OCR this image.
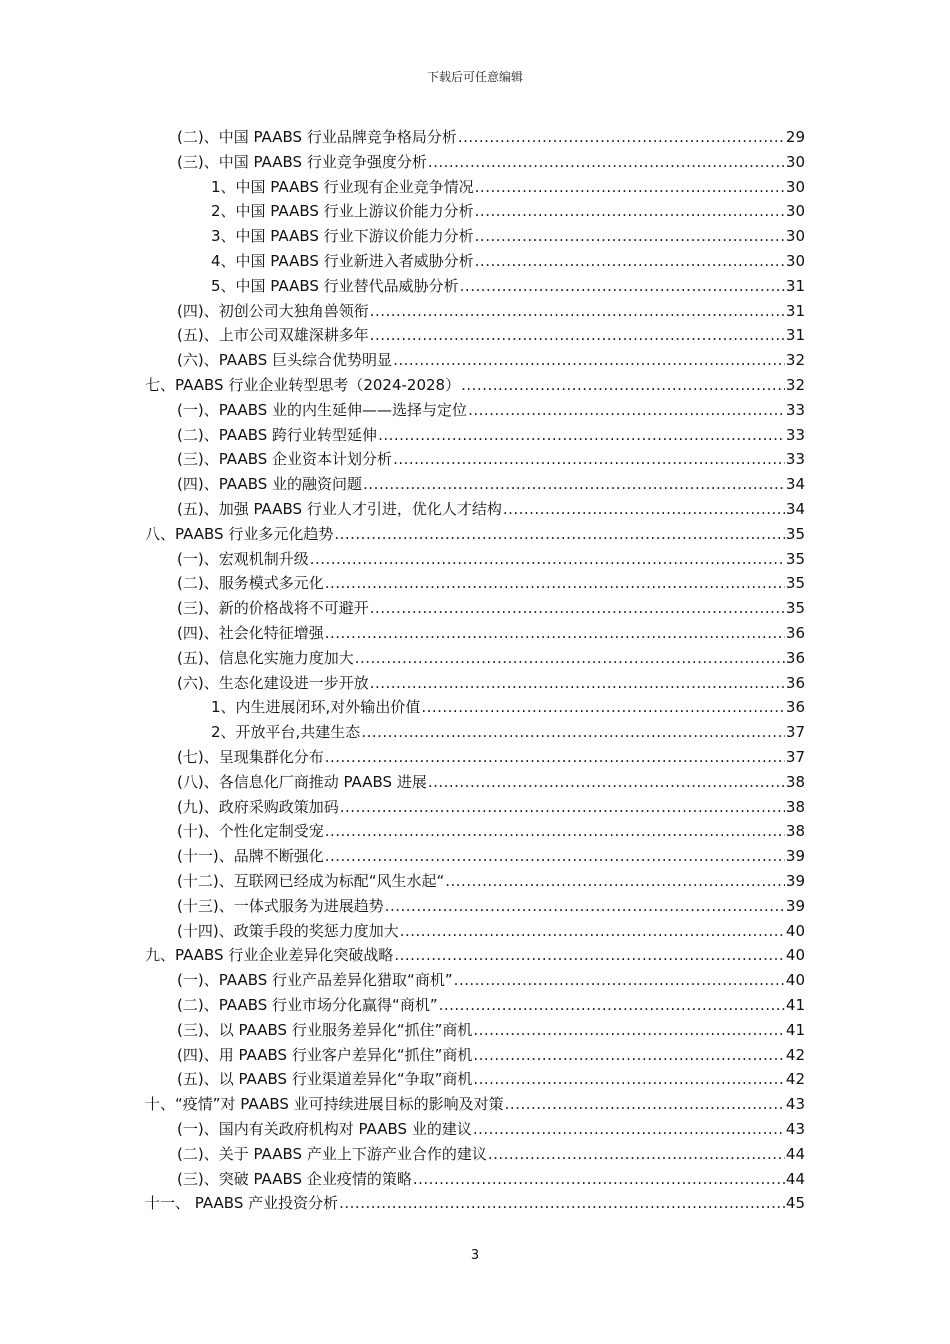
下载后可任意编辑
(二)、中国 PAABS 行业品牌竞争格局分析 .....	29
(三)、中国 PAABS 行业竞争强度分析 .....	30
1、中国 PAABS 行业现有企业竞争情况 .....	30
2、中国 PAABS 行业上游议价能力分析 .....	30
3、中国 PAABS 行业下游议价能力分析 .....	30
4、中国 PAABS 行业新进入者威胁分析 .....	30
5、中国 PAABS 行业替代品威胁分析 .....	31
(四)、初创公司大独角兽领衔 .....	31
(五)、上市公司双雄深耕多年 .....	31
(六)、PAABS 巨头综合优势明显 .....	32
七、PAABS 行业企业转型思考（2024-2028） .....	32
(一)、PAABS 业的内生延伸——选择与定位 .....	33
(二)、PAABS 跨行业转型延伸 .....	33
(三)、PAABS 企业资本计划分析 .....	33
(四)、PAABS 业的融资问题 .....	34
(五)、加强 PAABS 行业人才引进，优化人才结构 .....	34
八、PAABS 行业多元化趋势 .....	35
(一)、宏观机制升级 .....	35
(二)、服务模式多元化 .....	35
(三)、新的价格战将不可避开 .....	35
(四)、社会化特征增强 .....	36
(五)、信息化实施力度加大 .....	36
(六)、生态化建设进一步开放 .....	36
1、内生进展闭环,对外输出价值 .....	36
2、开放平台,共建生态 .....	37
(七)、呈现集群化分布 .....	37
(八)、各信息化厂商推动 PAABS 进展 .....	38
(九)、政府采购政策加码 .....	38
(十)、个性化定制受宠 .....	38
(十一)、品牌不断强化 .....	39
(十二)、互联网已经成为标配“风生水起“ .....	39
(十三)、一体式服务为进展趋势 .....	39
(十四)、政策手段的奖惩力度加大 .....	40
九、PAABS 行业企业差异化突破战略 .....	40
(一)、PAABS 行业产品差异化猎取“商机” .....	40
(二)、PAABS 行业市场分化赢得“商机” .....	41
(三)、以 PAABS 行业服务差异化“抓住”商机 .....	41
(四)、用 PAABS 行业客户差异化“抓住”商机 .....	42
(五)、以 PAABS 行业渠道差异化“争取”商机 .....	42
十、“疫情”对 PAABS 业可持续进展目标的影响及对策 .....	43
(一)、国内有关政府机构对 PAABS 业的建议 .....	43
(二)、关于 PAABS 产业上下游产业合作的建议 .....	44
(三)、突破 PAABS 企业疫情的策略 .....	44
十一、 PAABS 产业投资分析 .....	45
3
